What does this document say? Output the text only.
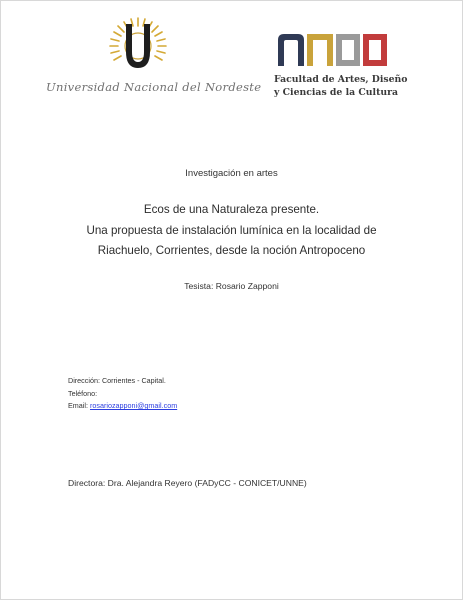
Universidad Nacional del Nordeste
Facultad de Artes, Diseño
y Ciencias de la Cultura
Investigación en artes
Ecos de una Naturaleza presente.
Una propuesta de instalación lumínica en la localidad de
Riachuelo, Corrientes, desde la noción Antropoceno
Tesista: Rosario Zapponi
Dirección: Corrientes - Capital.
Teléfono:
Email: rosariozapponi@gmail.com
Directora: Dra. Alejandra Reyero (FADyCC - CONICET/UNNE)
